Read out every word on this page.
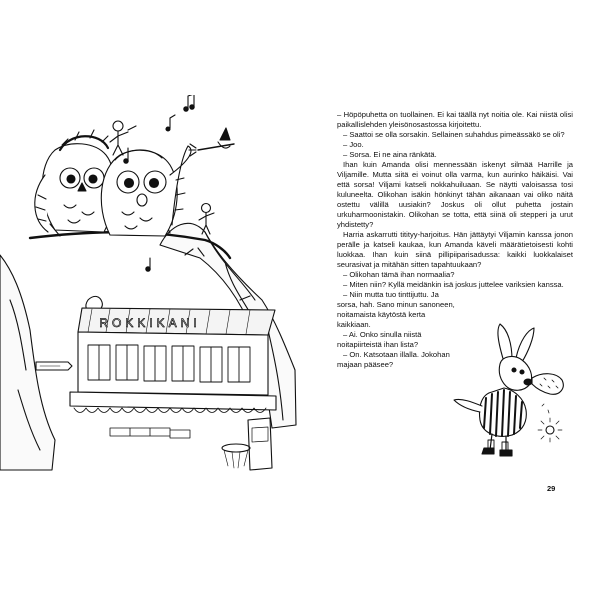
ROKKIKANI

– Höpöpuhetta on tuollainen. Ei kai täällä nyt noitia ole. Kai niistä olisi paikallislehden yleisönosastossa kirjoitettu.

– Saattoi se olla sorsakin. Sellainen suhahdus pimeässäkö se oli?

– Joo.

– Sorsa. Ei ne aina ränkätä.

Ihan kuin Amanda olisi mennessään iskenyt silmää Harrille ja Viljamille. Mutta siitä ei voinut olla varma, kun aurinko häikäisi. Vai että sorsa! Viljami katseli nokkahuiluaan. Se näytti valoisassa tosi kuluneelta. Olikohan isäkin hönkinyt tähän aikanaan vai oliko näitä ostettu välillä uusiakin? Joskus oli ollut puhetta jostain urkuharmoonistakin. Olikohan se totta, että siinä oli stepperi ja urut yhdistetty?

Harria askarrutti titityy-harjoitus. Hän jättäytyi Viljamin kanssa jonon perälle ja katseli kaukaa, kun Amanda käveli määrätietoisesti kohti luokkaa. Ihan kuin siinä pillipiiparisadussa: kaikki luokkalaiset seurasivat ja mitähän sitten tapahtuukaan?

– Olikohan tämä ihan normaalia?

– Miten niin? Kyllä meidänkin isä joskus juttelee variksien kanssa.

– Niin mutta tuo tinttijuttu. Ja sorsa, hah. Sano minun sanoneen, noitamaista käytöstä kerta kaikkiaan.

– Ai. Onko sinulla niistä noitapiirteistä ihan lista?

– On. Katsotaan illalla. Jokohan majaan pääsee?

29
